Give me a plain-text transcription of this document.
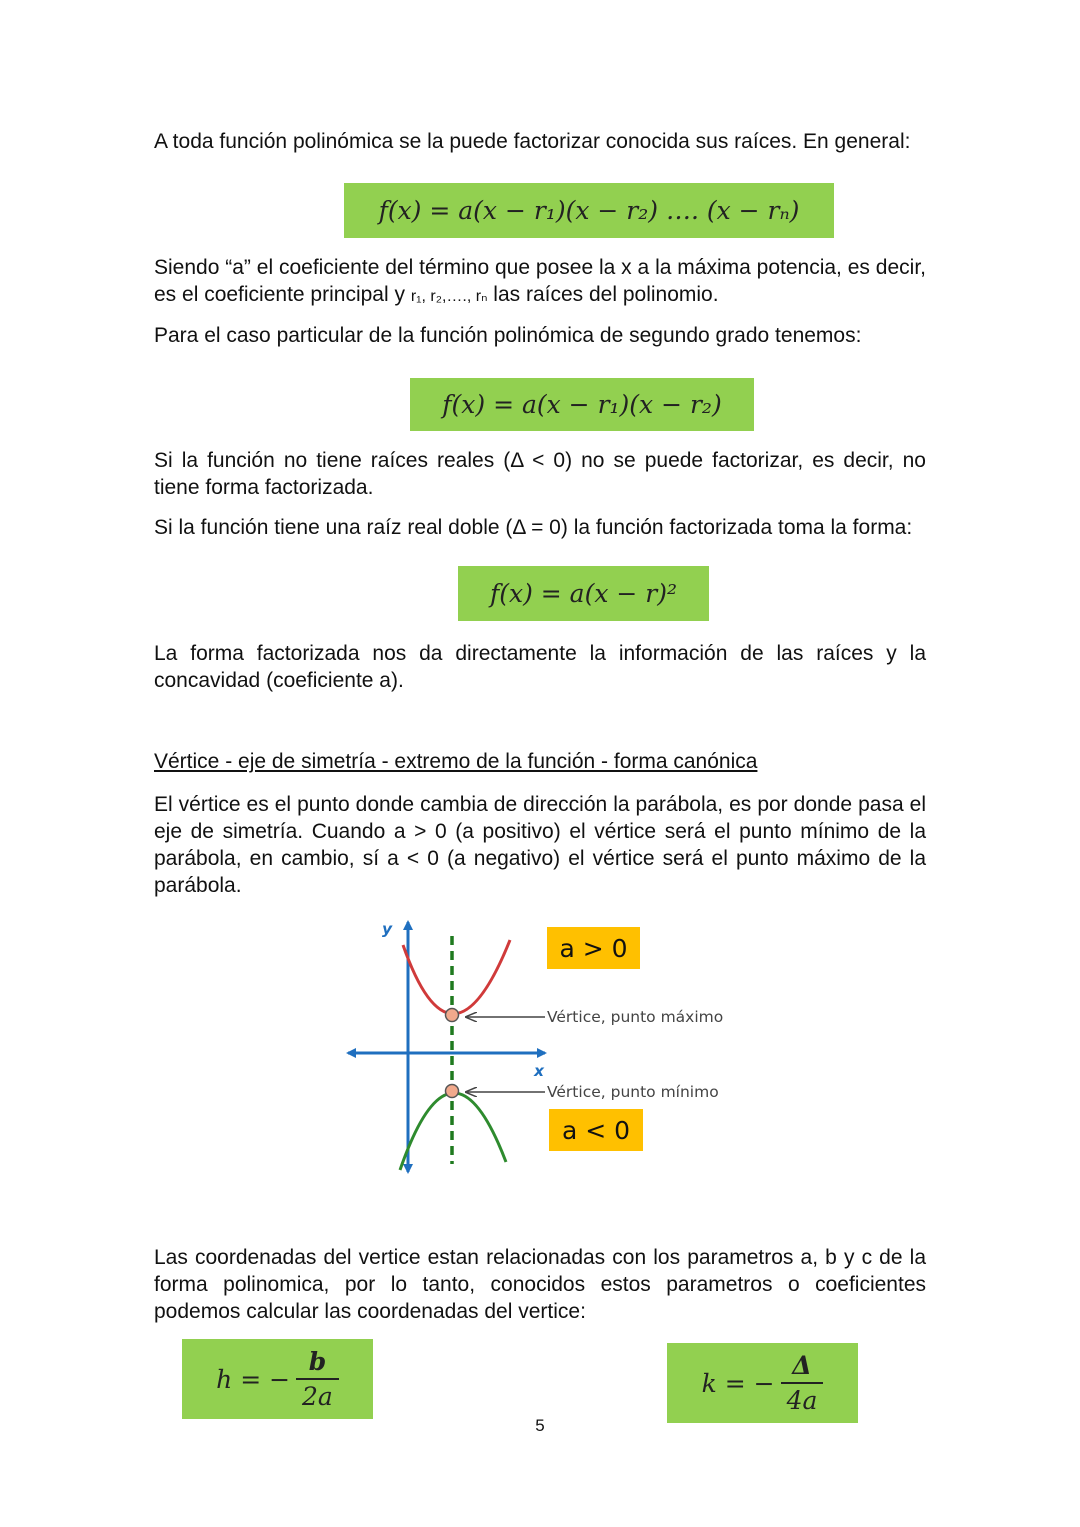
A toda función polinómica se la puede factorizar conocida sus raíces. En general:

f(x) = a(x − r₁)(x − r₂) …. (x − rₙ)

Siendo “a” el coeficiente del término que posee la x a la máxima potencia, es decir, es el coeficiente principal y r₁, r₂,…., rₙ las raíces del polinomio.

Para el caso particular de la función polinómica de segundo grado tenemos:

f(x) = a(x − r₁)(x − r₂)

Si la función no tiene raíces reales (Δ < 0) no se puede factorizar, es decir, no tiene forma factorizada.

Si la función tiene una raíz real doble (Δ = 0) la función factorizada toma la forma:

f(x) = a(x − r)²

La forma factorizada nos da directamente la información de las raíces y la concavidad (coeficiente a).

Vértice - eje de simetría - extremo de la función - forma canónica

El vértice es el punto donde cambia de dirección la parábola, es por donde pasa el eje de simetría. Cuando a > 0 (a positivo) el vértice será el punto mínimo de la parábola, en cambio, sí a < 0 (a negativo) el vértice será el punto máximo de la parábola.

y
x
Vértice, punto máximo
Vértice, punto mínimo
a > 0
a < 0

Las coordenadas del vertice estan relacionadas con los parametros a, b y c de la forma polinomica, por lo tanto, conocidos estos parametros o coeficientes podemos calcular las coordenadas del vertice:

h = − $\frac{b}{2a}$	k = − $\frac{\Delta}{4a}$
5
